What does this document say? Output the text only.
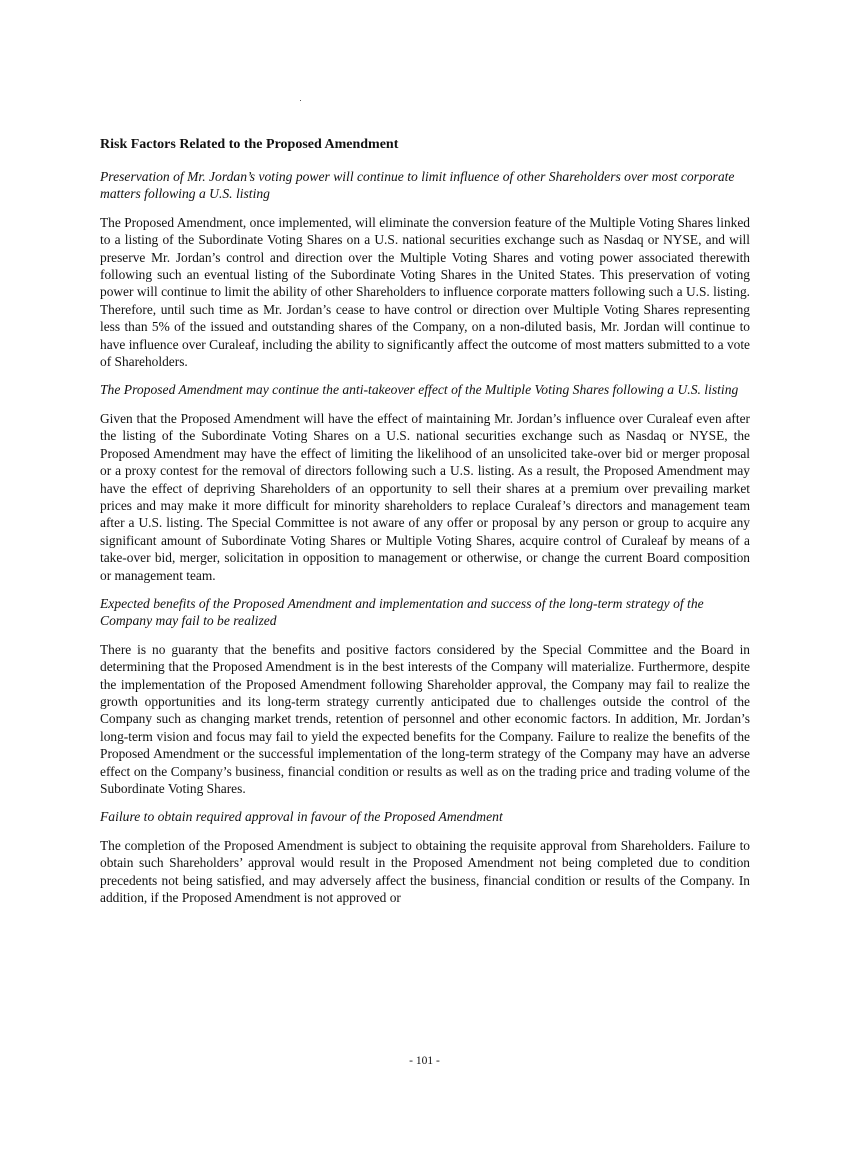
Risk Factors Related to the Proposed Amendment
Preservation of Mr. Jordan’s voting power will continue to limit influence of other Shareholders over most corporate matters following a U.S. listing

The Proposed Amendment, once implemented, will eliminate the conversion feature of the Multiple Voting Shares linked to a listing of the Subordinate Voting Shares on a U.S. national securities exchange such as Nasdaq or NYSE, and will preserve Mr. Jordan’s control and direction over the Multiple Voting Shares and voting power associated therewith following such an eventual listing of the Subordinate Voting Shares in the United States. This preservation of voting power will continue to limit the ability of other Shareholders to influence corporate matters following such a U.S. listing. Therefore, until such time as Mr. Jordan’s cease to have control or direction over Multiple Voting Shares representing less than 5% of the issued and outstanding shares of the Company, on a non-diluted basis, Mr. Jordan will continue to have influence over Curaleaf, including the ability to significantly affect the outcome of most matters submitted to a vote of Shareholders.

The Proposed Amendment may continue the anti-takeover effect of the Multiple Voting Shares following a U.S. listing

Given that the Proposed Amendment will have the effect of maintaining Mr. Jordan’s influence over Curaleaf even after the listing of the Subordinate Voting Shares on a U.S. national securities exchange such as Nasdaq or NYSE, the Proposed Amendment may have the effect of limiting the likelihood of an unsolicited take-over bid or merger proposal or a proxy contest for the removal of directors following such a U.S. listing. As a result, the Proposed Amendment may have the effect of depriving Shareholders of an opportunity to sell their shares at a premium over prevailing market prices and may make it more difficult for minority shareholders to replace Curaleaf’s directors and management team after a U.S. listing. The Special Committee is not aware of any offer or proposal by any person or group to acquire any significant amount of Subordinate Voting Shares or Multiple Voting Shares, acquire control of Curaleaf by means of a take-over bid, merger, solicitation in opposition to management or otherwise, or change the current Board composition or management team.

Expected benefits of the Proposed Amendment and implementation and success of the long-term strategy of the Company may fail to be realized

There is no guaranty that the benefits and positive factors considered by the Special Committee and the Board in determining that the Proposed Amendment is in the best interests of the Company will materialize. Furthermore, despite the implementation of the Proposed Amendment following Shareholder approval, the Company may fail to realize the growth opportunities and its long-term strategy currently anticipated due to challenges outside the control of the Company such as changing market trends, retention of personnel and other economic factors. In addition, Mr. Jordan’s long-term vision and focus may fail to yield the expected benefits for the Company. Failure to realize the benefits of the Proposed Amendment or the successful implementation of the long-term strategy of the Company may have an adverse effect on the Company’s business, financial condition or results as well as on the trading price and trading volume of the Subordinate Voting Shares.

Failure to obtain required approval in favour of the Proposed Amendment

The completion of the Proposed Amendment is subject to obtaining the requisite approval from Shareholders. Failure to obtain such Shareholders’ approval would result in the Proposed Amendment not being completed due to condition precedents not being satisfied, and may adversely affect the business, financial condition or results of the Company. In addition, if the Proposed Amendment is not approved or

- 101 -
